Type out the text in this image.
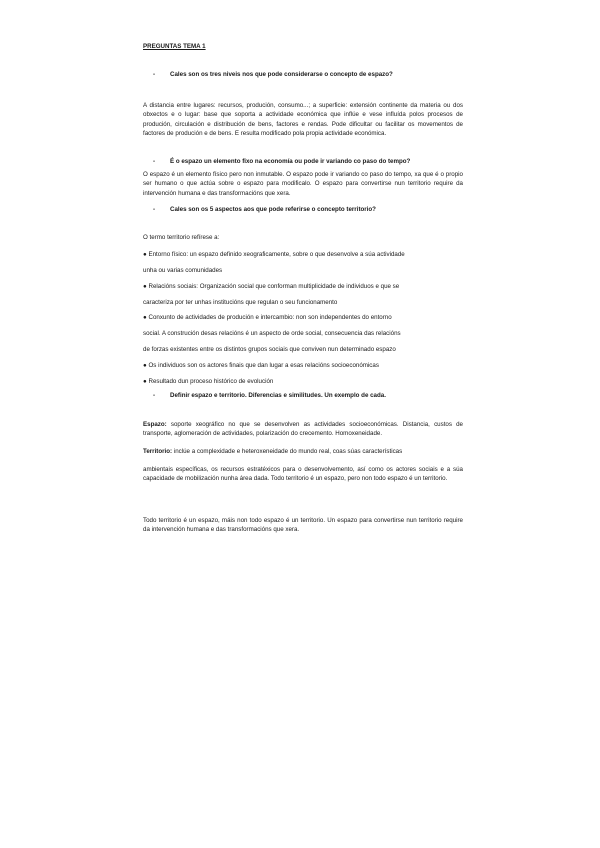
PREGUNTAS TEMA 1
- Cales son os tres niveis nos que pode considerarse o concepto de espazo?
A distancia entre lugares: recursos, produción, consumo...; a superficie: extensión continente da materia ou dos obxectos e o lugar: base que soporta a actividade económica que inflúe e vese influída polos procesos de produción, circulación e distribución de bens, factores e rendas. Pode dificultar ou facilitar os movementos de factores de produción e de bens. E resulta modificado pola propia actividade económica.
- É o espazo un elemento fixo na economía ou pode ir variando co paso do tempo?
O espazo é un elemento físico pero non inmutable. O espazo pode ir variando co paso do tempo, xa que é o propio ser humano o que actúa sobre o espazo para modificalo. O espazo para convertirse nun territorio require da intervención humana e das transformacións que xera.
- Cales son os 5 aspectos aos que pode referirse o concepto territorio?
O termo territorio refírese a:
● Entorno físico: un espazo definido xeograficamente, sobre o que desenvolve a súa actividade
unha ou varias comunidades
● Relacións sociais: Organización social que conforman multiplicidade de individuos e que se
caracteriza por ter unhas institucións que regulan o seu funcionamento
● Conxunto de actividades de produción e intercambio: non son independentes do entorno
social. A construción desas relacións é un aspecto de orde social, consecuencia das relacións
de forzas existentes entre os distintos grupos sociais que conviven nun determinado espazo
● Os individuos son os actores finais que dan lugar a esas relacións socioeconómicas
● Resultado dun proceso histórico de evolución
- Definir espazo e territorio. Diferencias e similitudes. Un exemplo de cada.
Espazo: soporte xeográfico no que se desenvolven as actividades socioeconómicas. Distancia, custos de transporte, aglomeración de actividades, polarización do crecemento. Homoxeneidade.
Territorio: inclúe a complexidade e heteroxeneidade do mundo real, coas súas características
ambientais específicas, os recursos estratéxicos para o desenvolvemento, así como os actores sociais e a súa capacidade de mobilización nunha área dada. Todo territorio é un espazo, pero non todo espazo é un territorio.
Todo territorio é un espazo, máis non todo espazo é un territorio. Un espazo para convertirse nun territorio require da intervención humana e das transformacións que xera.
